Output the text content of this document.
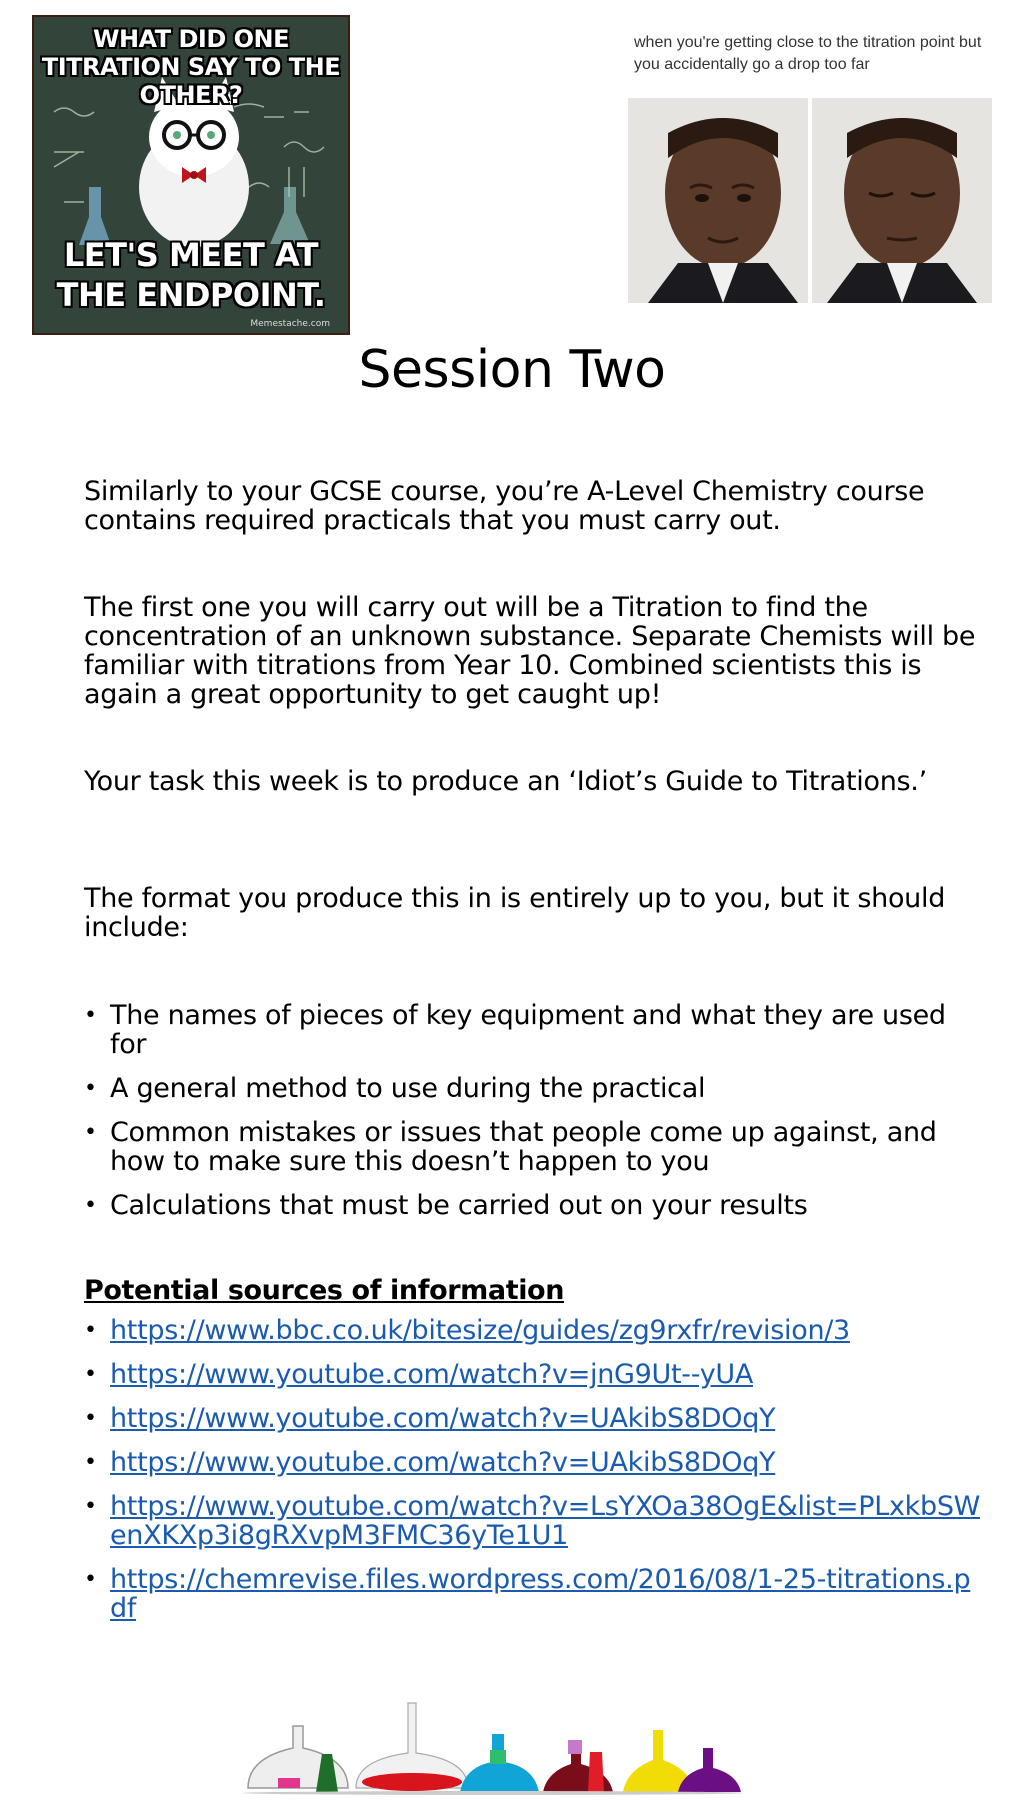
WHAT DID ONE TITRATION SAY TO THE OTHER?
LET'S MEET AT THE ENDPOINT.
Memestache.com
when you're getting close to the titration point but you accidentally go a drop too far
Session Two

Similarly to your GCSE course, you’re A-Level Chemistry course contains required practicals that you must carry out.

The first one you will carry out will be a Titration to find the concentration of an unknown substance. Separate Chemists will be familiar with titrations from Year 10. Combined scientists this is again a great opportunity to get caught up!

Your task this week is to produce an ‘Idiot’s Guide to Titrations.’

The format you produce this in is entirely up to you, but it should include:

• The names of pieces of key equipment and what they are used for
• A general method to use during the practical
• Common mistakes or issues that people come up against, and how to make sure this doesn’t happen to you
• Calculations that must be carried out on your results
Potential sources of information
• https://www.bbc.co.uk/bitesize/guides/zg9rxfr/revision/3
• https://www.youtube.com/watch?v=jnG9Ut--yUA
• https://www.youtube.com/watch?v=UAkibS8DOqY
• https://www.youtube.com/watch?v=UAkibS8DOqY
• https://www.youtube.com/watch?v=LsYXOa38OgE&list=PLxkbSWenXKXp3i8gRXvpM3FMC36yTe1U1
• https://chemrevise.files.wordpress.com/2016/08/1-25-titrations.pdf
